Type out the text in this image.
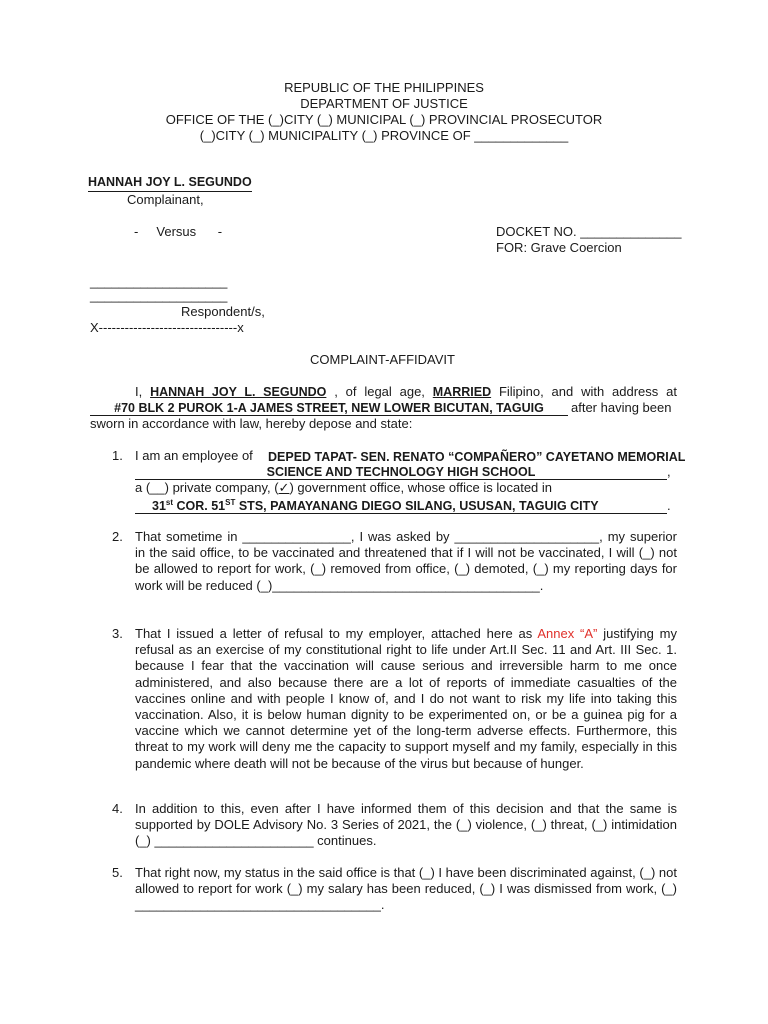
REPUBLIC OF THE PHILIPPINES
DEPARTMENT OF JUSTICE
OFFICE OF THE (_)CITY (_) MUNICIPAL (_) PROVINCIAL PROSECUTOR
(_)CITY (_) MUNICIPALITY (_) PROVINCE OF _____________
HANNAH JOY L. SEGUNDO
Complainant,
-     Versus      -	DOCKET NO. ______________
FOR: Grave Coercion
___________________
___________________
Respondent/s,
X--------------------------------x
COMPLAINT-AFFIDAVIT
I, HANNAH JOY L. SEGUNDO , of legal age, MARRIED Filipino, and with address at
#70 BLK 2 PUROK 1-A JAMES STREET, NEW LOWER BICUTAN, TAGUIG after having been
sworn in accordance with law, hereby depose and state:
1. I am an employee of DEPED TAPAT- SEN. RENATO “COMPAÑERO” CAYETANO MEMORIAL
SCIENCE AND TECHNOLOGY HIGH SCHOOL	,
a (__) private company, (✓) government office, whose office is located in
31st COR. 51ST STS, PAMAYANANG DIEGO SILANG, USUSAN, TAGUIG CITY	.
2. That sometime in _______________, I was asked by ____________________, my superior in the said office, to be vaccinated and threatened that if I will not be vaccinated, I will (_) not be allowed to report for work, (_) removed from office, (_) demoted, (_) my reporting days for work will be reduced (_)_____________________________________.

3. That I issued a letter of refusal to my employer, attached here as Annex “A” justifying my refusal as an exercise of my constitutional right to life under Art.II Sec. 11 and Art. III Sec. 1. because I fear that the vaccination will cause serious and irreversible harm to me once administered, and also because there are a lot of reports of immediate casualties of the vaccines online and with people I know of, and I do not want to risk my life into taking this vaccination. Also, it is below human dignity to be experimented on, or be a guinea pig for a vaccine which we cannot determine yet of the long-term adverse effects. Furthermore, this threat to my work will deny me the capacity to support myself and my family, especially in this pandemic where death will not be because of the virus but because of hunger.

4. In addition to this, even after I have informed them of this decision and that the same is supported by DOLE Advisory No. 3 Series of 2021, the (_) violence, (_) threat, (_) intimidation (_) ______________________ continues.

5. That right now, my status in the said office is that (_) I have been discriminated against, (_) not allowed to report for work (_) my salary has been reduced, (_) I was dismissed from work, (_) __________________________________.
